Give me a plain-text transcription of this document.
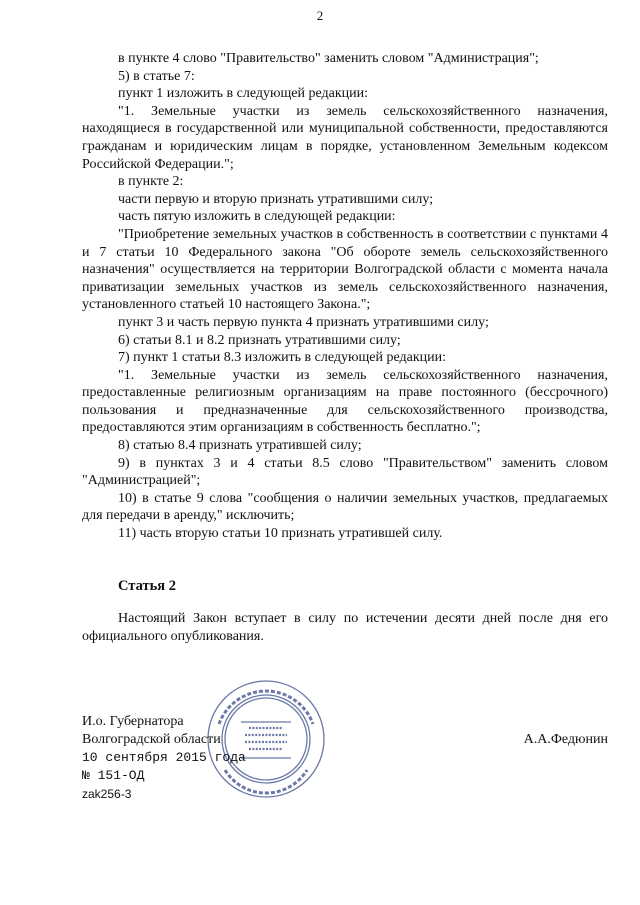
2

в пункте 4 слово "Правительство" заменить словом "Администрация";

5) в статье 7:

пункт 1 изложить в следующей редакции:

"1. Земельные участки из земель сельскохозяйственного назначения, находящиеся в государственной или муниципальной собственности, предоставляются гражданам и юридическим лицам в порядке, установленном Земельным кодексом Российской Федерации.";

в пункте 2:

части первую и вторую признать утратившими силу;

часть пятую изложить в следующей редакции:

"Приобретение земельных участков в собственность в соответствии с пунктами 4 и 7 статьи 10 Федерального закона "Об обороте земель сельскохозяйственного назначения" осуществляется на территории Волгоградской области с момента начала приватизации земельных участков из земель сельскохозяйственного назначения, установленного статьей 10 настоящего Закона.";

пункт 3 и часть первую пункта 4 признать утратившими силу;

6) статьи 8.1 и 8.2 признать утратившими силу;

7) пункт 1 статьи 8.3 изложить в следующей редакции:

"1. Земельные участки из земель сельскохозяйственного назначения, предоставленные религиозным организациям на праве постоянного (бессрочного) пользования и предназначенные для сельскохозяйственного производства, предоставляются этим организациям в собственность бесплатно.";

8) статью 8.4 признать утратившей силу;

9) в пунктах 3 и 4 статьи 8.5 слово "Правительством" заменить словом "Администрацией";

10) в статье 9 слова "сообщения о наличии земельных участков, предлагаемых для передачи в аренду," исключить;

11) часть вторую статьи 10 признать утратившей силу.

Статья 2

Настоящий Закон вступает в силу по истечении десяти дней после дня его официального опубликования.

И.о. Губернатора
Волгоградской области	А.А.Федюнин
10 сентября 2015 года
№ 151-ОД
zak256-3
